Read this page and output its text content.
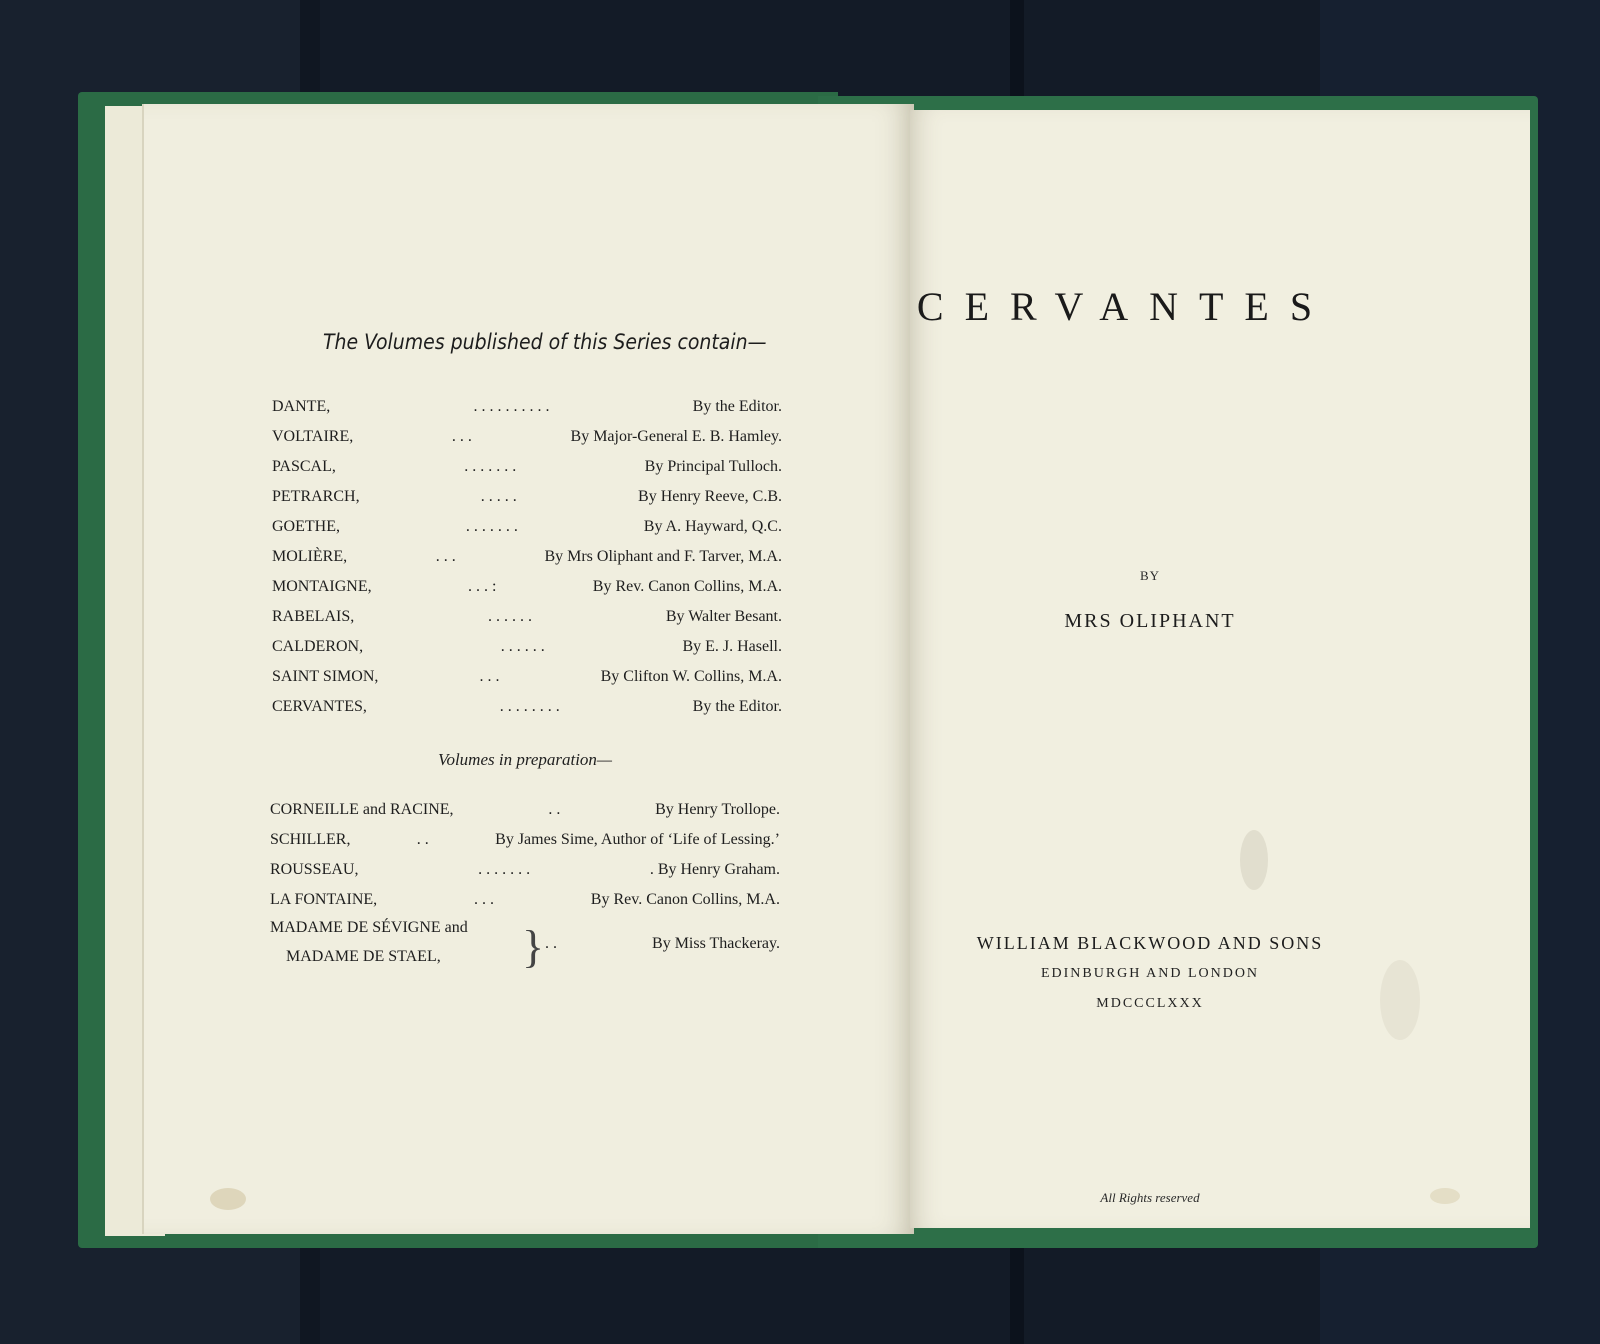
The Volumes published of this Series contain—
DANTE,	. . . . . . . . . .	By the Editor.
VOLTAIRE,	. . .	By Major-General E. B. Hamley.
PASCAL,	. . . . . . .	By Principal Tulloch.
PETRARCH,	. . . . .	By Henry Reeve, C.B.
GOETHE,	. . . . . . .	By A. Hayward, Q.C.
MOLIÈRE,	. . .	By Mrs Oliphant and F. Tarver, M.A.
MONTAIGNE,	. . . :	By Rev. Canon Collins, M.A.
RABELAIS,	. . . . . .	By Walter Besant.
CALDERON,	. . . . . .	By E. J. Hasell.
SAINT SIMON,	. . .	By Clifton W. Collins, M.A.
CERVANTES,	. . . . . . . .	By the Editor.
Volumes in preparation—
CORNEILLE and RACINE,	. .	By Henry Trollope.
SCHILLER,	. .	By James Sime, Author of ‘Life of Lessing.’
ROUSSEAU,	. . . . . . .	. By Henry Graham.
LA FONTAINE,	. . .	By Rev. Canon Collins, M.A.
MADAME DE SÉVIGNE and
MADAME DE STAEL, } . .	By Miss Thackeray.
CERVANTES
BY
MRS OLIPHANT
WILLIAM BLACKWOOD AND SONS
EDINBURGH AND LONDON
MDCCCLXXX
All Rights reserved
